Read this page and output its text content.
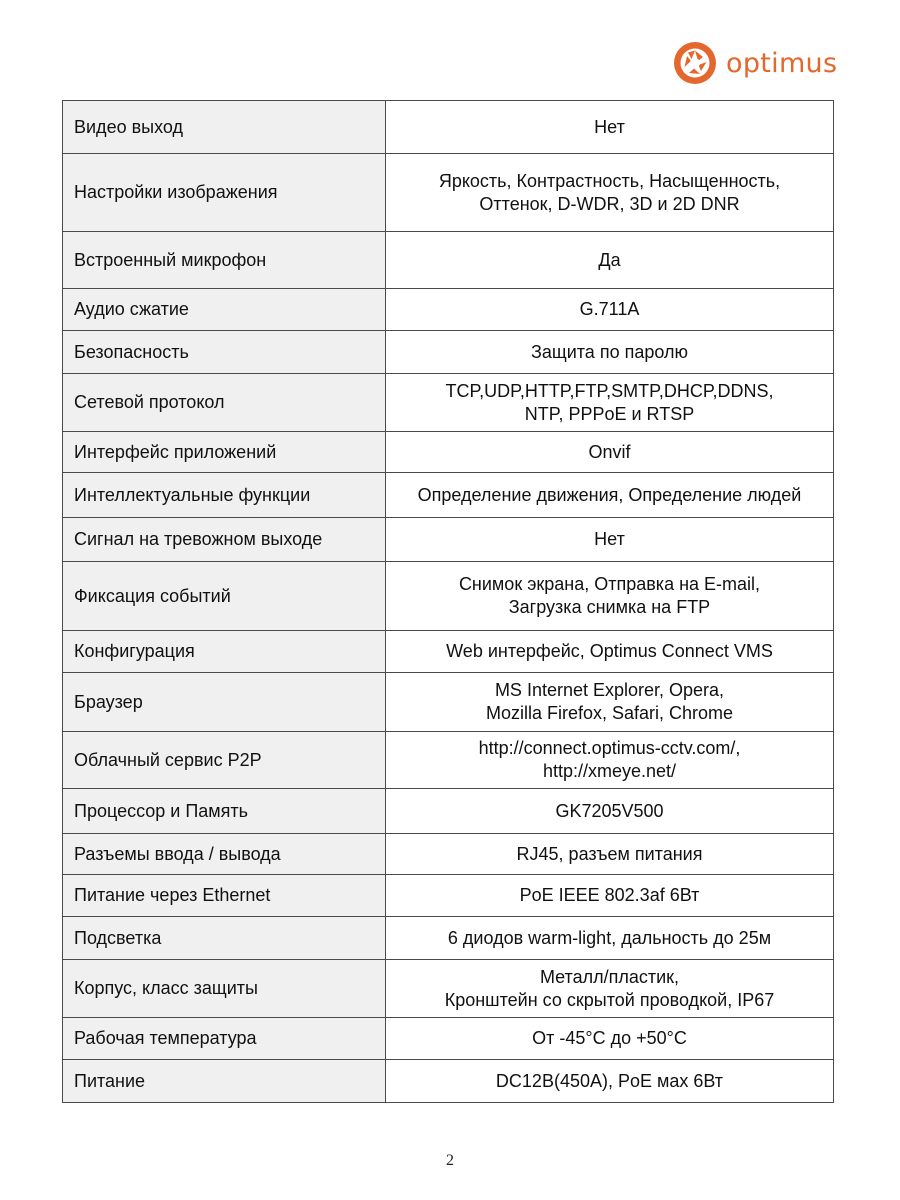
optimus
Видео выход	Нет
Настройки изображения	Яркость, Контрастность, Насыщенность,
Оттенок, D-WDR, 3D и 2D DNR
Встроенный микрофон	Да
Аудио сжатие	G.711A
Безопасность	Защита по паролю
Сетевой протокол	TCP,UDP,HTTP,FTP,SMTP,DHCP,DDNS,
NTP, PPPoE и RTSP
Интерфейс приложений	Onvif
Интеллектуальные функции	Определение движения, Определение людей
Сигнал на тревожном выходе	Нет
Фиксация событий	Снимок экрана, Отправка на E-mail,
Загрузка снимка на FTP
Конфигурация	Web интерфейс, Optimus Connect VMS
Браузер	MS Internet Explorer, Opera,
Mozilla Firefox, Safari, Chrome
Облачный сервис P2P	http://connect.optimus-cctv.com/,
http://xmeye.net/
Процессор и Память	GK7205V500
Разъемы ввода / вывода	RJ45, разъем питания
Питание через Ethernet	PoE IEEE 802.3af 6Вт
Подсветка	6 диодов warm-light, дальность до 25м
Корпус, класс защиты	Металл/пластик,
Кронштейн со скрытой проводкой, IP67
Рабочая температура	От -45°С до +50°С
Питание	DC12В(450А), PoE мах 6Вт
2
